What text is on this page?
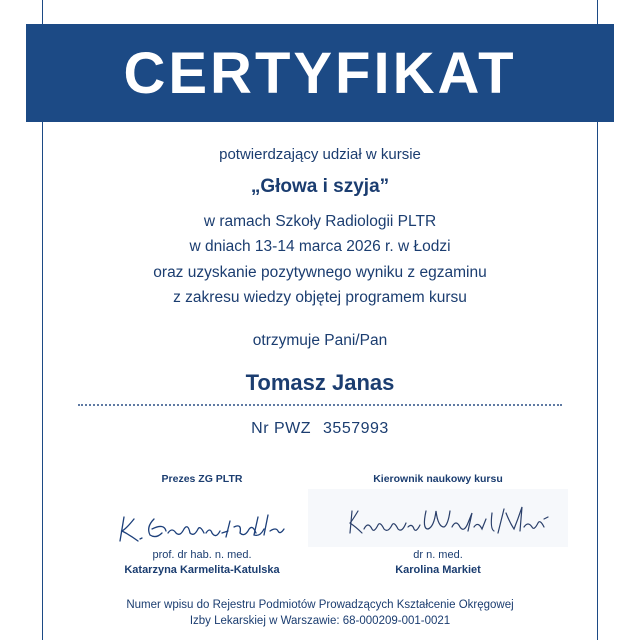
CERTYFIKAT
potwierdzający udział w kursie
„Głowa i szyja”
w ramach Szkoły Radiologii PLTR
w dniach 13-14 marca 2026 r. w Łodzi
oraz uzyskanie pozytywnego wyniku z egzaminu
z zakresu wiedzy objętej programem kursu
otrzymuje Pani/Pan
Tomasz Janas
Nr PWZ 3557993
Prezes ZG PLTR
prof. dr hab. n. med.
Katarzyna Karmelita-Katulska
Kierownik naukowy kursu
dr n. med.
Karolina Markiet
Numer wpisu do Rejestru Podmiotów Prowadzących Kształcenie Okręgowej
Izby Lekarskiej w Warszawie: 68-000209-001-0021
